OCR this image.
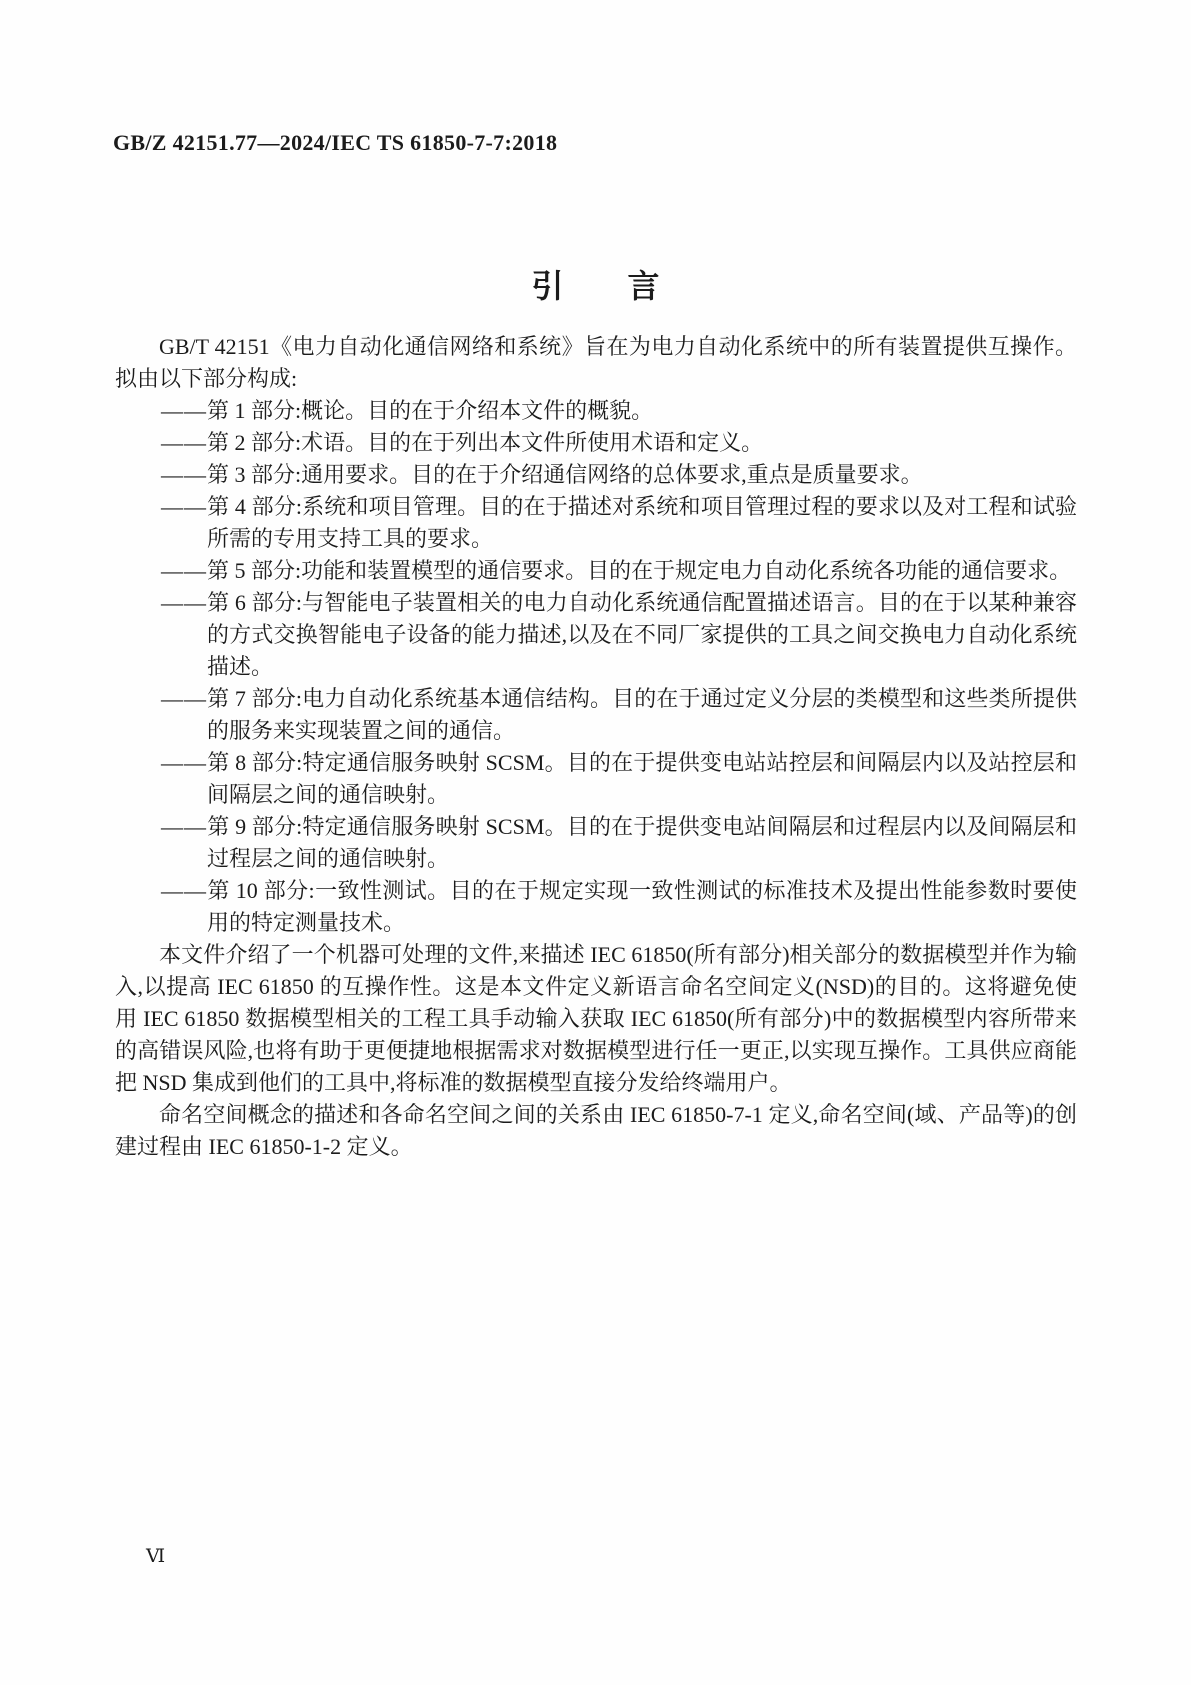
GB/Z 42151.77—2024/IEC TS 61850-7-7:2018
引　　言

GB/T 42151《电力自动化通信网络和系统》旨在为电力自动化系统中的所有装置提供互操作。拟由以下部分构成:

——第 1 部分:概论。目的在于介绍本文件的概貌。
——第 2 部分:术语。目的在于列出本文件所使用术语和定义。
——第 3 部分:通用要求。目的在于介绍通信网络的总体要求,重点是质量要求。
——第 4 部分:系统和项目管理。目的在于描述对系统和项目管理过程的要求以及对工程和试验所需的专用支持工具的要求。
——第 5 部分:功能和装置模型的通信要求。目的在于规定电力自动化系统各功能的通信要求。
——第 6 部分:与智能电子装置相关的电力自动化系统通信配置描述语言。目的在于以某种兼容的方式交换智能电子设备的能力描述,以及在不同厂家提供的工具之间交换电力自动化系统描述。
——第 7 部分:电力自动化系统基本通信结构。目的在于通过定义分层的类模型和这些类所提供的服务来实现装置之间的通信。
——第 8 部分:特定通信服务映射 SCSM。目的在于提供变电站站控层和间隔层内以及站控层和间隔层之间的通信映射。
——第 9 部分:特定通信服务映射 SCSM。目的在于提供变电站间隔层和过程层内以及间隔层和过程层之间的通信映射。
——第 10 部分:一致性测试。目的在于规定实现一致性测试的标准技术及提出性能参数时要使用的特定测量技术。

本文件介绍了一个机器可处理的文件,来描述 IEC 61850(所有部分)相关部分的数据模型并作为输入,以提高 IEC 61850 的互操作性。这是本文件定义新语言命名空间定义(NSD)的目的。这将避免使用 IEC 61850 数据模型相关的工程工具手动输入获取 IEC 61850(所有部分)中的数据模型内容所带来的高错误风险,也将有助于更便捷地根据需求对数据模型进行任一更正,以实现互操作。工具供应商能把 NSD 集成到他们的工具中,将标准的数据模型直接分发给终端用户。

命名空间概念的描述和各命名空间之间的关系由 IEC 61850-7-1 定义,命名空间(域、产品等)的创建过程由 IEC 61850-1-2 定义。

Ⅵ
